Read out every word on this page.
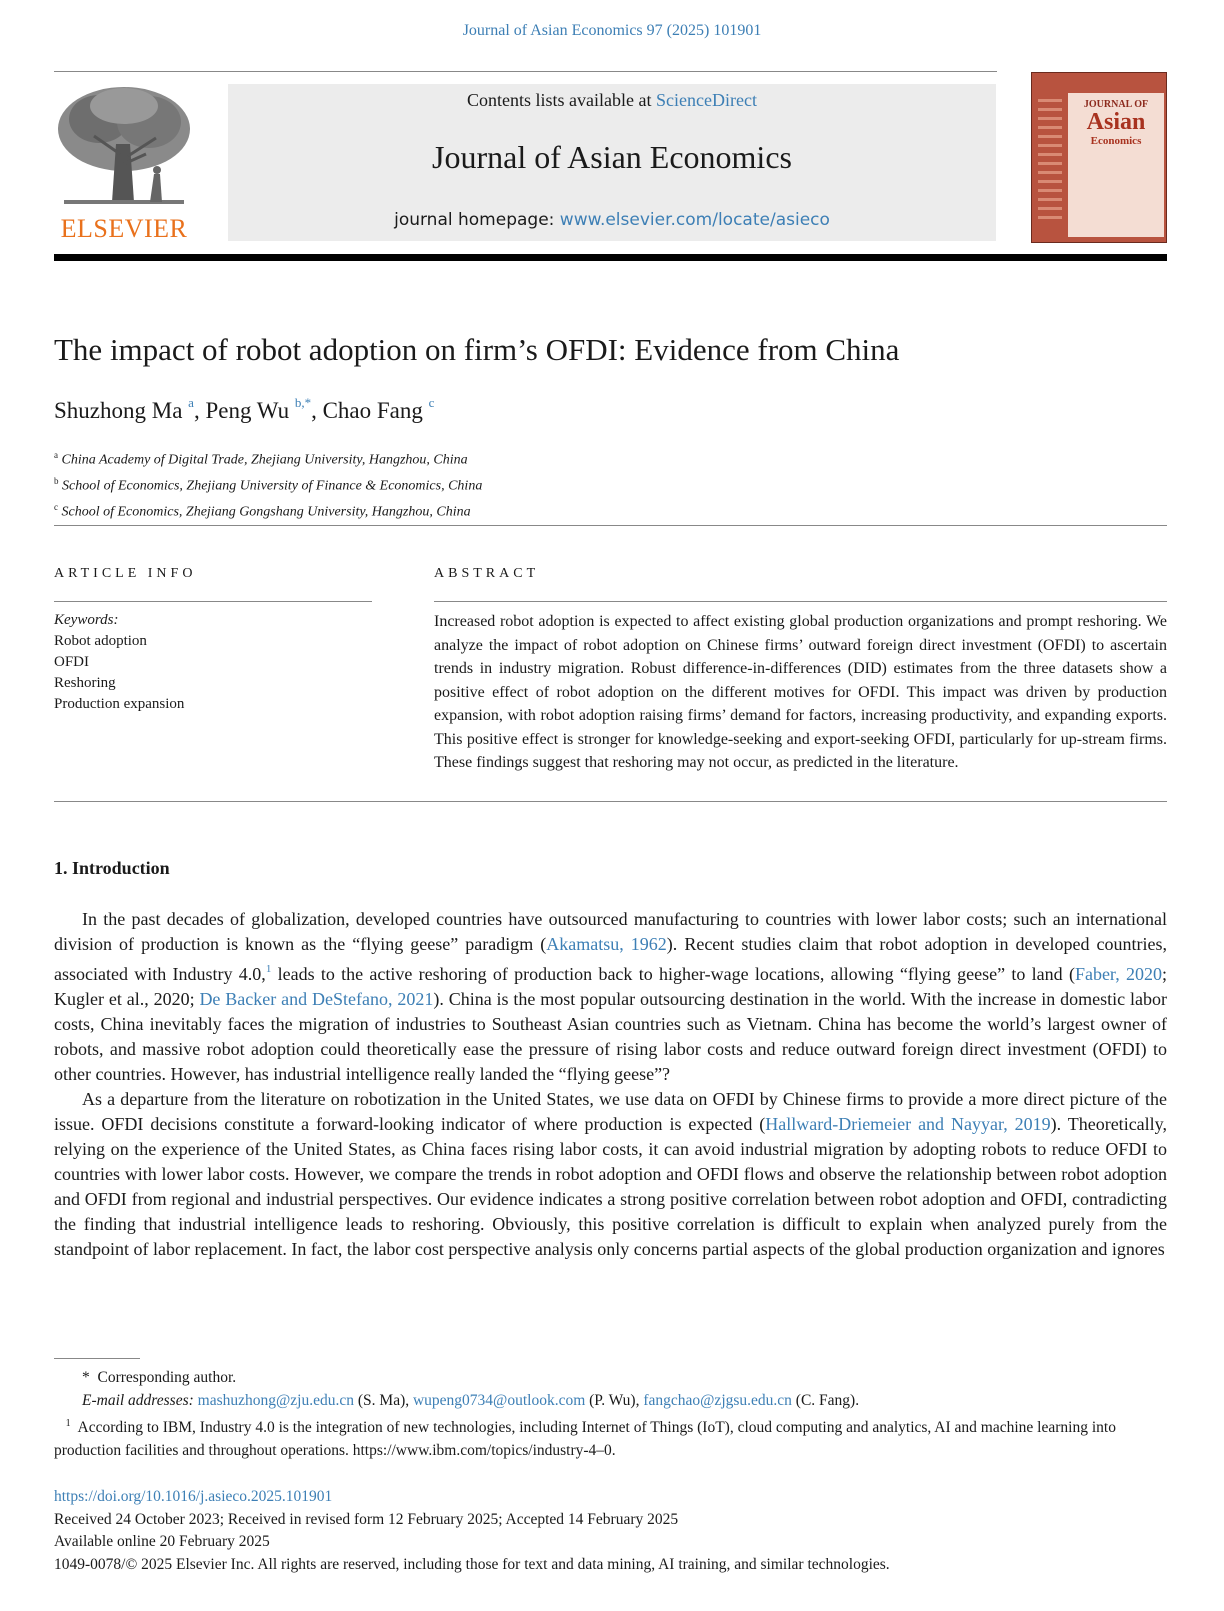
Journal of Asian Economics 97 (2025) 101901
ELSEVIER
Contents lists available at ScienceDirect
Journal of Asian Economics
journal homepage: www.elsevier.com/locate/asieco
JOURNAL OF
Asian
Economics
The impact of robot adoption on firm’s OFDI: Evidence from China
Shuzhong Ma $^a$, Peng Wu $^{b,*}$, Chao Fang $^c$
$^a$ China Academy of Digital Trade, Zhejiang University, Hangzhou, China
$^b$ School of Economics, Zhejiang University of Finance & Economics, China
$^c$ School of Economics, Zhejiang Gongshang University, Hangzhou, China
ARTICLE INFO	ABSTRACT
Keywords:
Robot adoption
OFDI
Reshoring
Production expansion
Increased robot adoption is expected to affect existing global production organizations and prompt reshoring. We analyze the impact of robot adoption on Chinese firms’ outward foreign direct investment (OFDI) to ascertain trends in industry migration. Robust difference-in-differences (DID) estimates from the three datasets show a positive effect of robot adoption on the different motives for OFDI. This impact was driven by production expansion, with robot adoption raising firms’ demand for factors, increasing productivity, and expanding exports. This positive effect is stronger for knowledge-seeking and export-seeking OFDI, particularly for up-stream firms. These findings suggest that reshoring may not occur, as predicted in the literature.
1. Introduction

In the past decades of globalization, developed countries have outsourced manufacturing to countries with lower labor costs; such an international division of production is known as the “flying geese” paradigm (Akamatsu, 1962). Recent studies claim that robot adoption in developed countries, associated with Industry 4.0,$^1$ leads to the active reshoring of production back to higher-wage locations, allowing “flying geese” to land (Faber, 2020; Kugler et al., 2020; De Backer and DeStefano, 2021). China is the most popular outsourcing destination in the world. With the increase in domestic labor costs, China inevitably faces the migration of industries to Southeast Asian countries such as Vietnam. China has become the world’s largest owner of robots, and massive robot adoption could theoretically ease the pressure of rising labor costs and reduce outward foreign direct investment (OFDI) to other countries. However, has industrial intelligence really landed the “flying geese”?

As a departure from the literature on robotization in the United States, we use data on OFDI by Chinese firms to provide a more direct picture of the issue. OFDI decisions constitute a forward-looking indicator of where production is expected (Hallward-Driemeier and Nayyar, 2019). Theoretically, relying on the experience of the United States, as China faces rising labor costs, it can avoid industrial migration by adopting robots to reduce OFDI to countries with lower labor costs. However, we compare the trends in robot adoption and OFDI flows and observe the relationship between robot adoption and OFDI from regional and industrial perspectives. Our evidence indicates a strong positive correlation between robot adoption and OFDI, contradicting the finding that industrial intelligence leads to reshoring. Obviously, this positive correlation is difficult to explain when analyzed purely from the standpoint of labor replacement. In fact, the labor cost perspective analysis only concerns partial aspects of the global production organization and ignores

* Corresponding author.
E-mail addresses: mashuzhong@zju.edu.cn (S. Ma), wupeng0734@outlook.com (P. Wu), fangchao@zjgsu.edu.cn (C. Fang).
$^1$ According to IBM, Industry 4.0 is the integration of new technologies, including Internet of Things (IoT), cloud computing and analytics, AI and machine learning into production facilities and throughout operations. https://www.ibm.com/topics/industry-4–0.
https://doi.org/10.1016/j.asieco.2025.101901
Received 24 October 2023; Received in revised form 12 February 2025; Accepted 14 February 2025
Available online 20 February 2025
1049-0078/© 2025 Elsevier Inc. All rights are reserved, including those for text and data mining, AI training, and similar technologies.
